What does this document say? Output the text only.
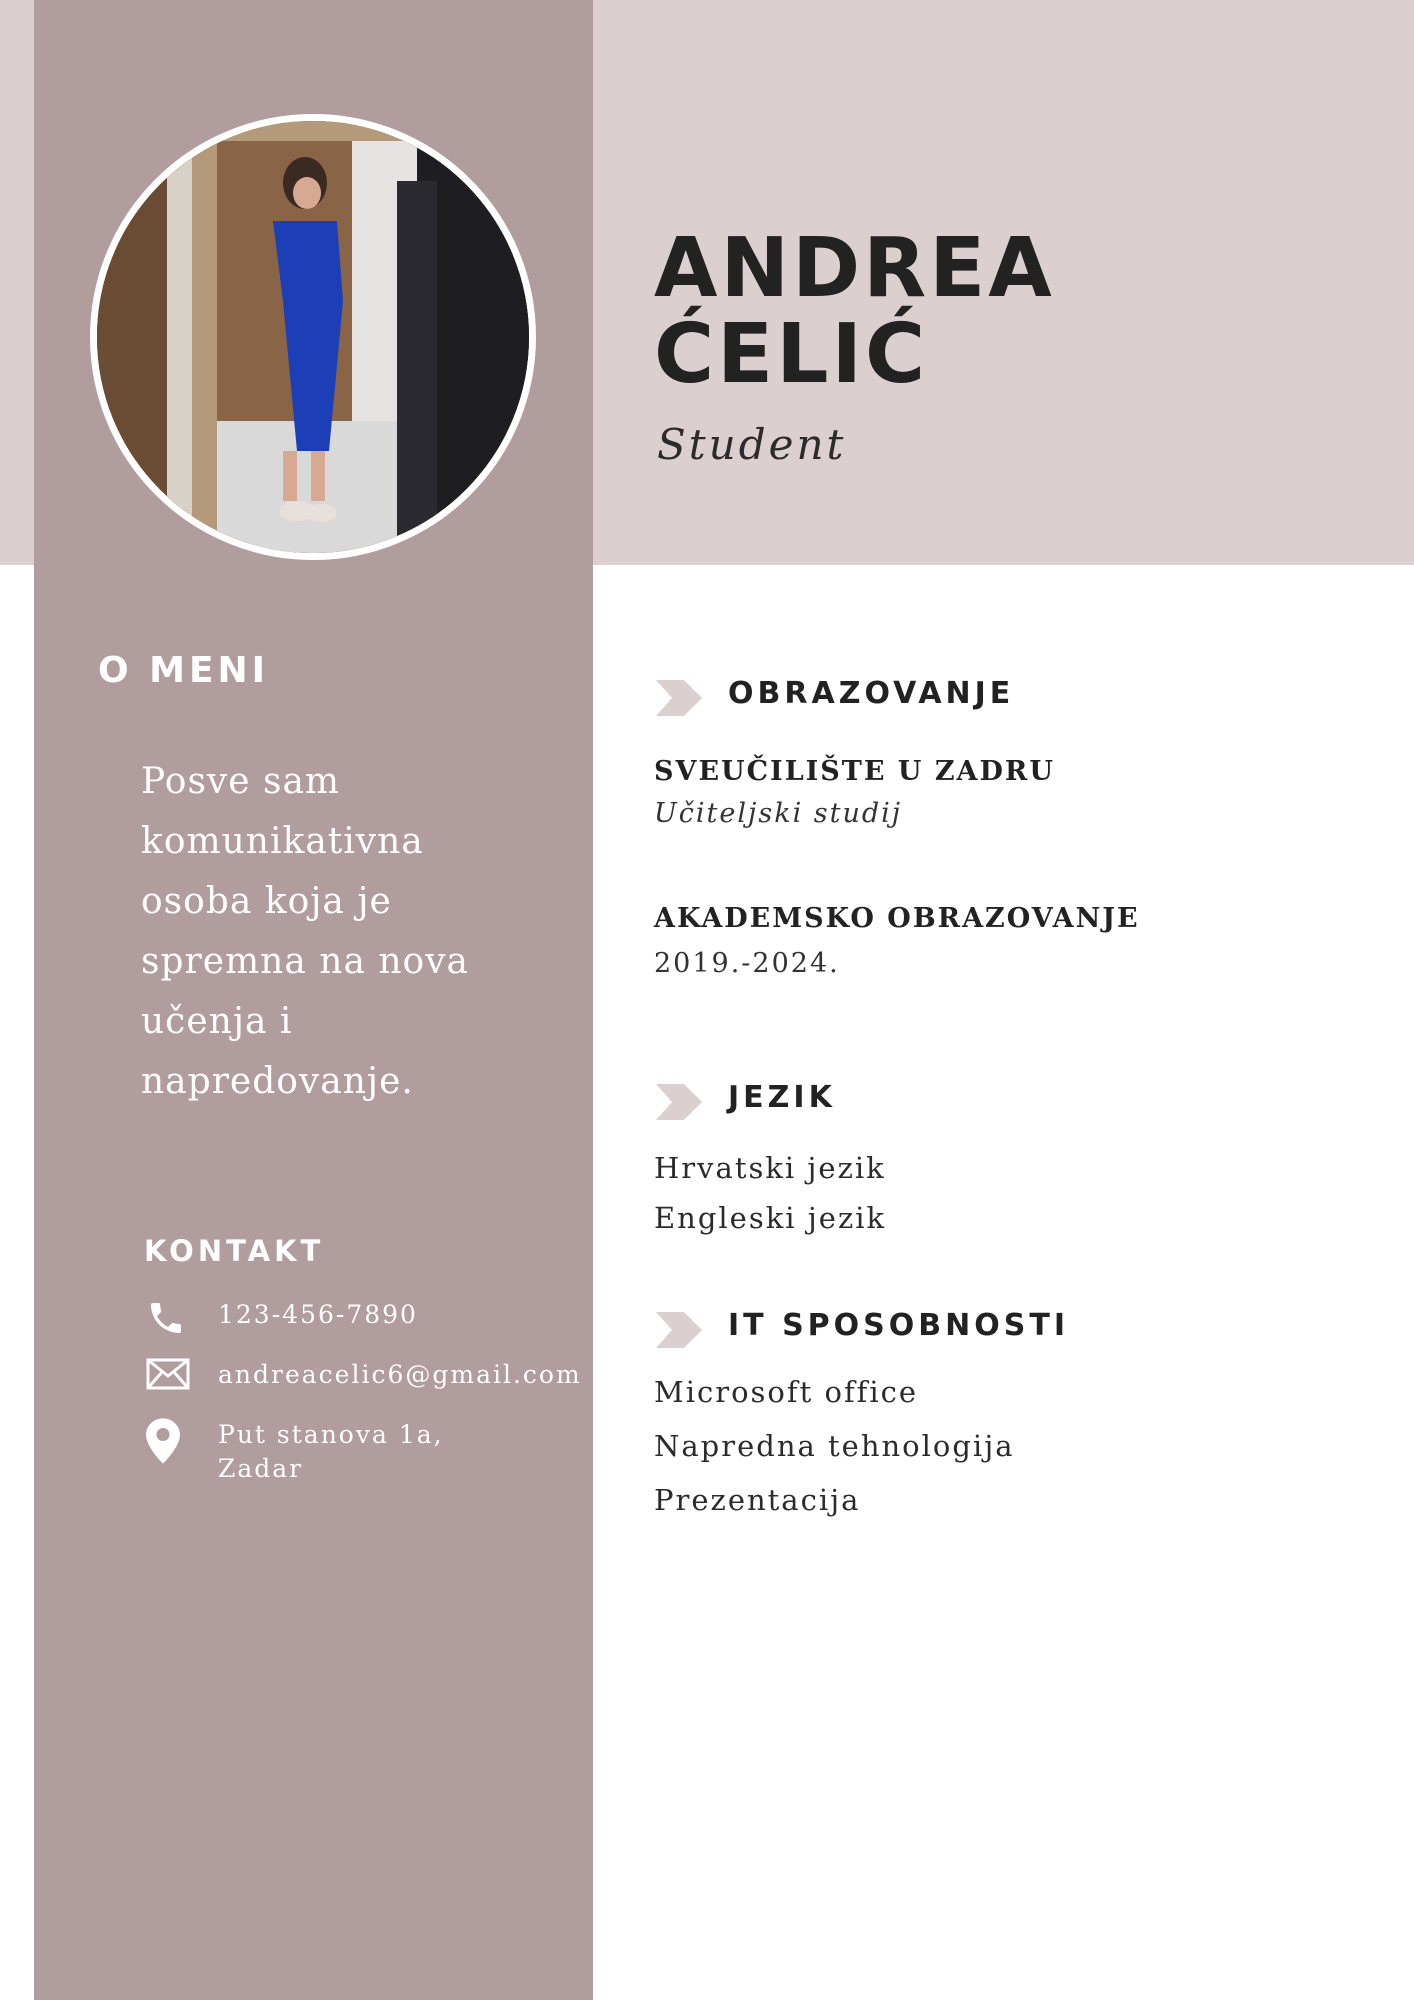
ANDREA
ĆELIĆ
Student
O MENI
Posve sam
komunikativna
osoba koja je
spremna na nova
učenja i
napredovanje.
KONTAKT
123-456-7890
andreacelic6@gmail.com
Put stanova 1a,
Zadar
OBRAZOVANJE
SVEUČILIŠTE U ZADRU
Učiteljski studij
AKADEMSKO OBRAZOVANJE
2019.-2024.
JEZIK
Hrvatski jezik
Engleski jezik
IT SPOSOBNOSTI
Microsoft office
Napredna tehnologija
Prezentacija
